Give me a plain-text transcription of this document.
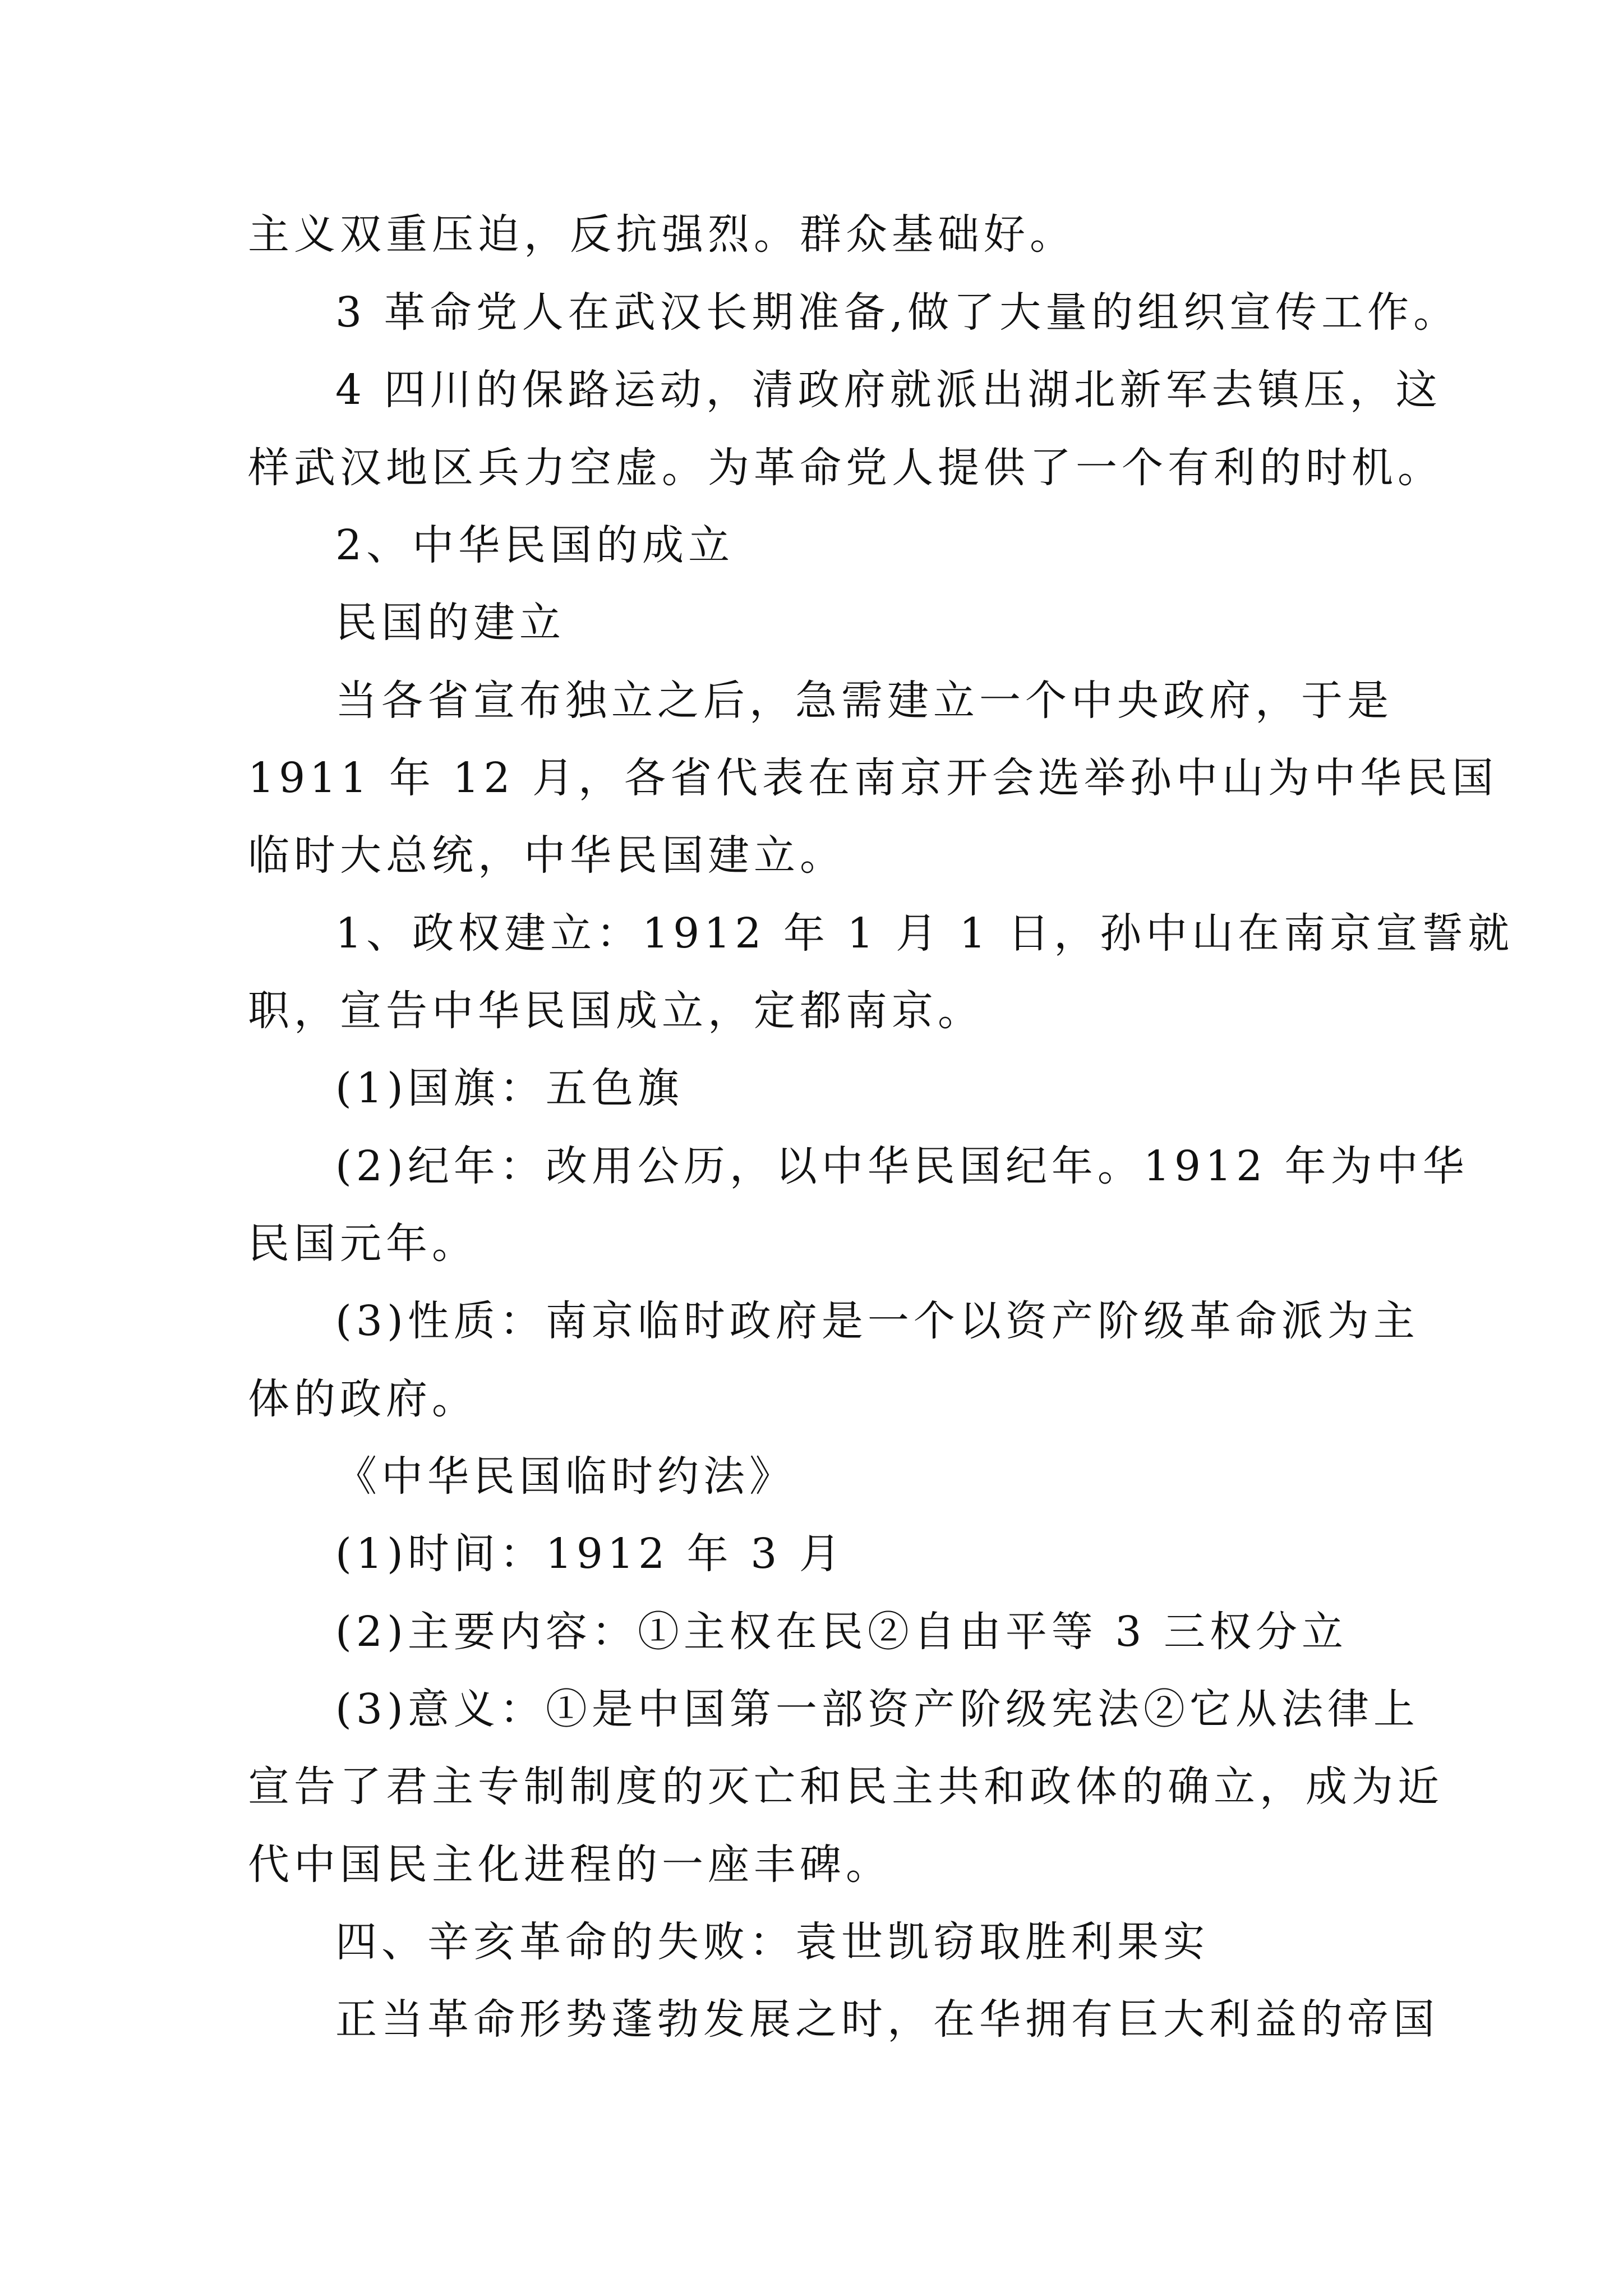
主义双重压迫，反抗强烈。群众基础好。
3 革命党人在武汉长期准备,做了大量的组织宣传工作。
4 四川的保路运动，清政府就派出湖北新军去镇压，这
样武汉地区兵力空虚。为革命党人提供了一个有利的时机。
2、中华民国的成立
民国的建立
当各省宣布独立之后，急需建立一个中央政府，于是
1911 年 12 月，各省代表在南京开会选举孙中山为中华民国
临时大总统，中华民国建立。
1、政权建立：1912 年 1 月 1 日，孙中山在南京宣誓就
职，宣告中华民国成立，定都南京。
(1)国旗：五色旗
(2)纪年：改用公历，以中华民国纪年。1912 年为中华
民国元年。
(3)性质：南京临时政府是一个以资产阶级革命派为主
体的政府。
《中华民国临时约法》
(1)时间：1912 年 3 月
(2)主要内容：①主权在民②自由平等 3 三权分立
(3)意义：①是中国第一部资产阶级宪法②它从法律上
宣告了君主专制制度的灭亡和民主共和政体的确立，成为近
代中国民主化进程的一座丰碑。
四、辛亥革命的失败：袁世凯窃取胜利果实
正当革命形势蓬勃发展之时，在华拥有巨大利益的帝国
